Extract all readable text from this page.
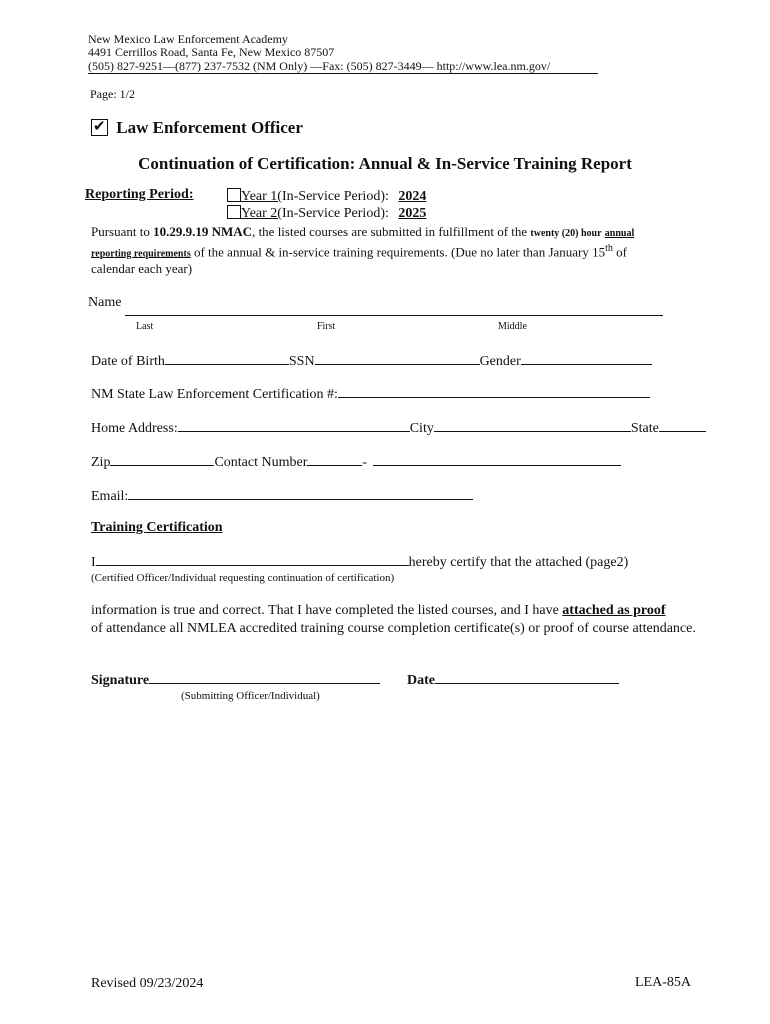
New Mexico Law Enforcement Academy
4491 Cerrillos Road, Santa Fe, New Mexico 87507
(505) 827-9251—(877) 237-7532 (NM Only) —Fax: (505) 827-3449— http://www.lea.nm.gov/
Page: 1/2
✔ Law Enforcement Officer
Continuation of Certification: Annual & In-Service Training Report
Reporting Period:	Year 1(In-Service Period): 2024
Year 2(In-Service Period): 2025
Pursuant to 10.29.9.19 NMAC, the listed courses are submitted in fulfillment of the twenty (20) hour annual
reporting requirements of the annual & in-service training requirements. (Due no later than January 15th of
calendar each year)
Name
Last	First	Middle
Date of Birth	SSN	Gender
NM State Law Enforcement Certification #:
Home Address:	City	State
Zip	Contact Number	-
Email:
Training Certification
I	hereby certify that the attached (page2)
(Certified Officer/Individual requesting continuation of certification)
information is true and correct. That I have completed the listed courses, and I have attached as proof
of attendance all NMLEA accredited training course completion certificate(s) or proof of course attendance.
Signature
(Submitting Officer/Individual)
Date
Revised 09/23/2024	LEA-85A
